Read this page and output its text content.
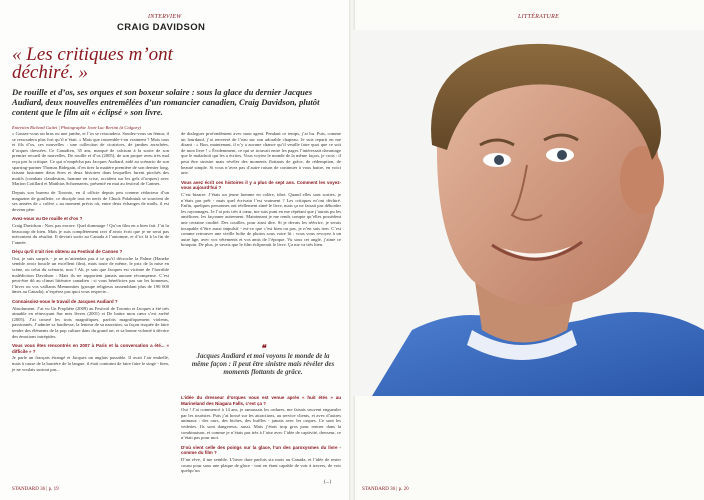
INTERVIEW
CRAIG DAVIDSON
« Les critiques m’ont déchiré. »
De rouille et d’os, ses orques et son boxeur solaire : sous la glace du dernier Jacques Audiard, deux nouvelles entremêlées d’un romancier canadien, Craig Davidson, plutôt content que le film ait « éclipsé » son livre.
Entretien Richard Gaitet | Photographie Jean-Luc Bertini (à Calgary)

« Gassez-vous un bras ou une jambe, et l’os se ressoudera. Soudez-vous un fémur, il se ressoudera plus fort qu’il n’était. » Mais que rassemble-t-on vraiment ? Mots tous et fils d’os, ces nouvelles : une collection de cicatrices, de jambes arrachées, d’orques dressées. Ce Canadien, 35 ans, marqué de calcium à la sortie de son premier recueil de nouvelles, De rouille et d’os (2005), de son propre aveu très mal reçu par la critique. Ce qui n’empêcha pas Jacques Audiard, aidé au scénario de son sparring-partner Thomas Bidegain, d’en tirer la matière première de son dernier long, faisant fusionner deux êtres et deux histoires dans lesquelles furent piochés des motifs (combats clandestins, homme en crise, accident sur les gels d’orques) avec Marion Cotillard et Matthias Schoenaerts, présenté en mai au festival de Cannes.

Depuis son bureau de Toronto, en il officie depuis peu comme rédacteur d’un magazine de gonflette, ce disciple tout en nerfs de Chuck Palahniuk se souvient de ses années de « colère » au moment précis où, entre deux échanges de mails, il est devenu père.

Avez-vous vu De rouille et d’os ?

Craig Davidson : Non, pas encore. Quel dommage ! Qu’on film en a bien fait. J’ai lu beaucoup de bien. Mais je suis complètement ravi d’avoir écrit que je ne serai pas mécontent du résultat. Il devrait sortir au Canada à l’automne, et d’ici là à la fin de l’année.

Déçu qu’il n’ait rien obtenu au Festival de Cannes ?

Oui, je suis surpris - je ne m’attendais pas à ce qu’il décroche la Palme (Haneke semble avoir boucle un excellent film), mais toute de même, le prix de la mise en scène, ou celui du scénario, non ? Ah, je sais que Jacques est victime de l’horrible malédiction Davidson : Mais ils ne rapportent jamais aucune récompense. C’est peut-être dû au climat littéraire canadien : si vous bénéficiez pas sur les honneurs, l’hiver ou vos vaillants Mennonites (groupe religieux rassemblant plus de 190 000 âmes au Canada), n’espérez pas quoi vous respecte...

Connaissiez-vous le travail de Jacques Audiard ?

Absolument. J’ai vu Un Prophète (2009) au Festival de Toronto et Jacques a été très aimable en réinvoyant Sur mes lèvres (2001) et De battre mon cœur s’est arrêté (2005). J’ai trouvé les trois magnifiques, parfois magnifiquement violents, passionnés. J’admire sa hardiesse, la lenteur de sa narration, sa façon risquée de faire tendre des éléments de la pop culture dans du grand art, et sa bonne volonté à décrire des émotions intrépides.

Vous vous êtes rencontrés en 2007 à Paris et la conversation a été... « difficile » ?

Je parle un français étrangé et Jacques un anglais passable. Il avait l’air embellé, mais à cause de la barrière de la langue, il était contraint de faire faire le singe - bien, je ne voulais surtout pas...

de dialoguer profondément avec mon agent. Pendant ce temps, j’ai bu. Puis, comme un lourdaud, j’ai renversé de l’eau sur son adorable chapeau. Je suis reparti en me disant : « Bon, maintenant, il n’y a aucune chance qu’il veuille faire quoi que ce soit de mon livre ! » Évidemment, ce qui se trouvait entre les pages l’intéressait davantage que le maladroit qui les a écrites. Vous voyiez le monde de la même façon, je crois : il peut être sinistre mais révéler des moments flottants de grâce, de rédemption, de beauté simple. Si vous n’avez pas d’autre raison de continuer à vous battre, en voici une.

Vous avez écrit ces histoires il y a plus de sept ans. Comment les voyez-vous aujourd’hui ?

C’est bizarre. J’étais un jeune homme en colère, idiot. Quand elles sont sorties, je n’étais pas prêt - mais quel écrivain l’est vraiment ? Les critiques m’ont déchiré. Enfin, quelques personnes ont réellement aimé le livre, mais ça ne faisait pas déborder les rayonnages. Je l’ai pris très à cœur, me suis puni en me répétant que j’aurais pu les améliorer, les façonner autrement. Maintenant je me rends compte qu’elles possèdent une certaine crudité. Des couilles, pour ainsi dire. Si je devais les réécrire, je serais incapable d’être aussi impulsif - est-ce que c’est bien ou pas, je n’en sais rien. C’est comme retrouver une vieille boîte de photos sous votre lit : vous vous revoyez à un autre âge, avec vos vêtements et vos amis de l’époque. Vu sous cet angle, j’aime ce bouquin. De plus, je savais que le film éclipserait le livre. Ça me va très bien.

❝
Jacques Audiard et moi voyons le monde de la même façon : il peut être sinistre mais révéler des moments flottants de grâce.
L’idée du dresseur d’orques vous est venue après « huit étés » au Marineland des Niagara Falls, c’est ça ?

Oui ! J’ai commencé à 14 ans, je ramassais les ordures, me faisais souvent engueuler par les touristes. Puis j’ai bossé sur les attractions, au service clients, et avec d’autres animaux : des ours, des biches, des buffles - jamais avec les orques. Ce sont les vedettes. Ils sont dangereux, aussi. Mais j’étais trop gros pour rentrer dans la combinaison, et comme je n’étais pas très à l’aise avec l’idée de captivité, dresseur, ce n’était pas pour moi.

D’où vient celle des poings sur la glace, l’un des paroxysmes du livre - comme du film ?

D’un rêve, il me semble. L’hiver dure parfois six mois au Canada, et l’idée de rester cousu pour sous une plaque de glace - tout en étant capable de voir à travers, de voir quelqu’un

(...)
STANDARD 36 | p. 19
LITTÉRATURE
STANDARD 36 | p. 20
